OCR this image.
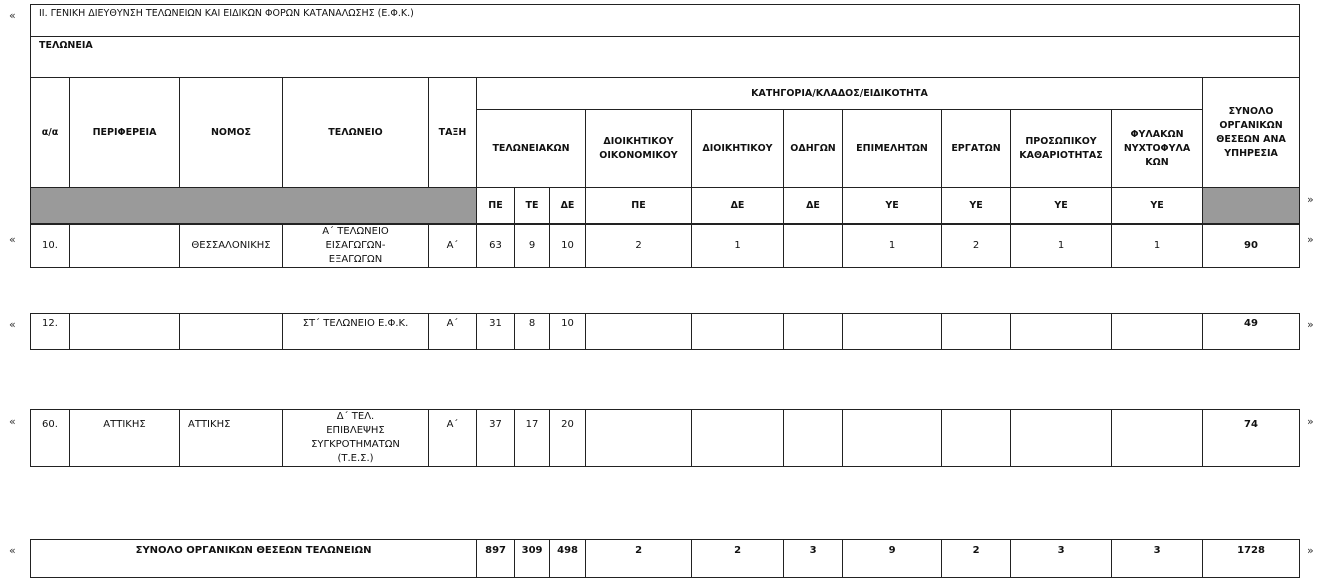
«
»
«	»
«	»
«	»
«	»
ΙΙ. ΓΕΝΙΚΗ ΔΙΕΥΘΥΝΣΗ ΤΕΛΩΝΕΙΩΝ ΚΑΙ ΕΙΔΙΚΩΝ ΦΟΡΩΝ ΚΑΤΑΝΑΛΩΣΗΣ (Ε.Φ.Κ.)															
ΤΕΛΩΝΕΙΑ															
α/α	ΠΕΡΙΦΕΡΕΙΑ	ΝΟΜΟΣ	ΤΕΛΩΝΕΙΟ	ΤΑΞΗ	ΚΑΤΗΓΟΡΙΑ/ΚΛΑΔΟΣ/ΕΙΔΙΚΟΤΗΤΑ										ΣΥΝΟΛΟ ΟΡΓΑΝΙΚΩΝ ΘΕΣΕΩΝ ΑΝΑ ΥΠΗΡΕΣΙΑ
					ΤΕΛΩΝΕΙΑΚΩΝ			ΔΙΟΙΚΗΤΙΚΟΥ ΟΙΚΟΝΟΜΙΚΟΥ	ΔΙΟΙΚΗΤΙΚΟΥ	ΟΔΗΓΩΝ	ΕΠΙΜΕΛΗΤΩΝ	ΕΡΓΑΤΩΝ	ΠΡΟΣΩΠΙΚΟΥ ΚΑΘΑΡΙΟΤΗΤΑΣ	ΦΥΛΑΚΩΝ ΝΥΧΤΟΦΥΛΑ ΚΩΝ	
					ΠΕ	ΤΕ	ΔΕ	ΠΕ	ΔΕ	ΔΕ	ΥΕ	ΥΕ	ΥΕ	ΥΕ	
10.		ΘΕΣΣΑΛΟΝΙΚΗΣ	Α΄ ΤΕΛΩΝΕΙΟ ΕΙΣΑΓΩΓΩΝ-ΕΞΑΓΩΓΩΝ	Α΄	63	9	10	2	1		1	2	1	1	90
12.			ΣΤ΄ ΤΕΛΩΝΕΙΟ Ε.Φ.Κ.	Α΄	31	8	10								49
60.	ΑΤΤΙΚΗΣ	ΑΤΤΙΚΗΣ	Δ΄ ΤΕΛ. ΕΠΙΒΛΕΨΗΣ ΣΥΓΚΡΟΤΗΜΑΤΩΝ (Τ.Ε.Σ.)	Α΄	37	17	20								74
ΣΥΝΟΛΟ ΟΡΓΑΝΙΚΩΝ ΘΕΣΕΩΝ ΤΕΛΩΝΕΙΩΝ	897	309	498	2	2	3	9	2	3	3	1728
